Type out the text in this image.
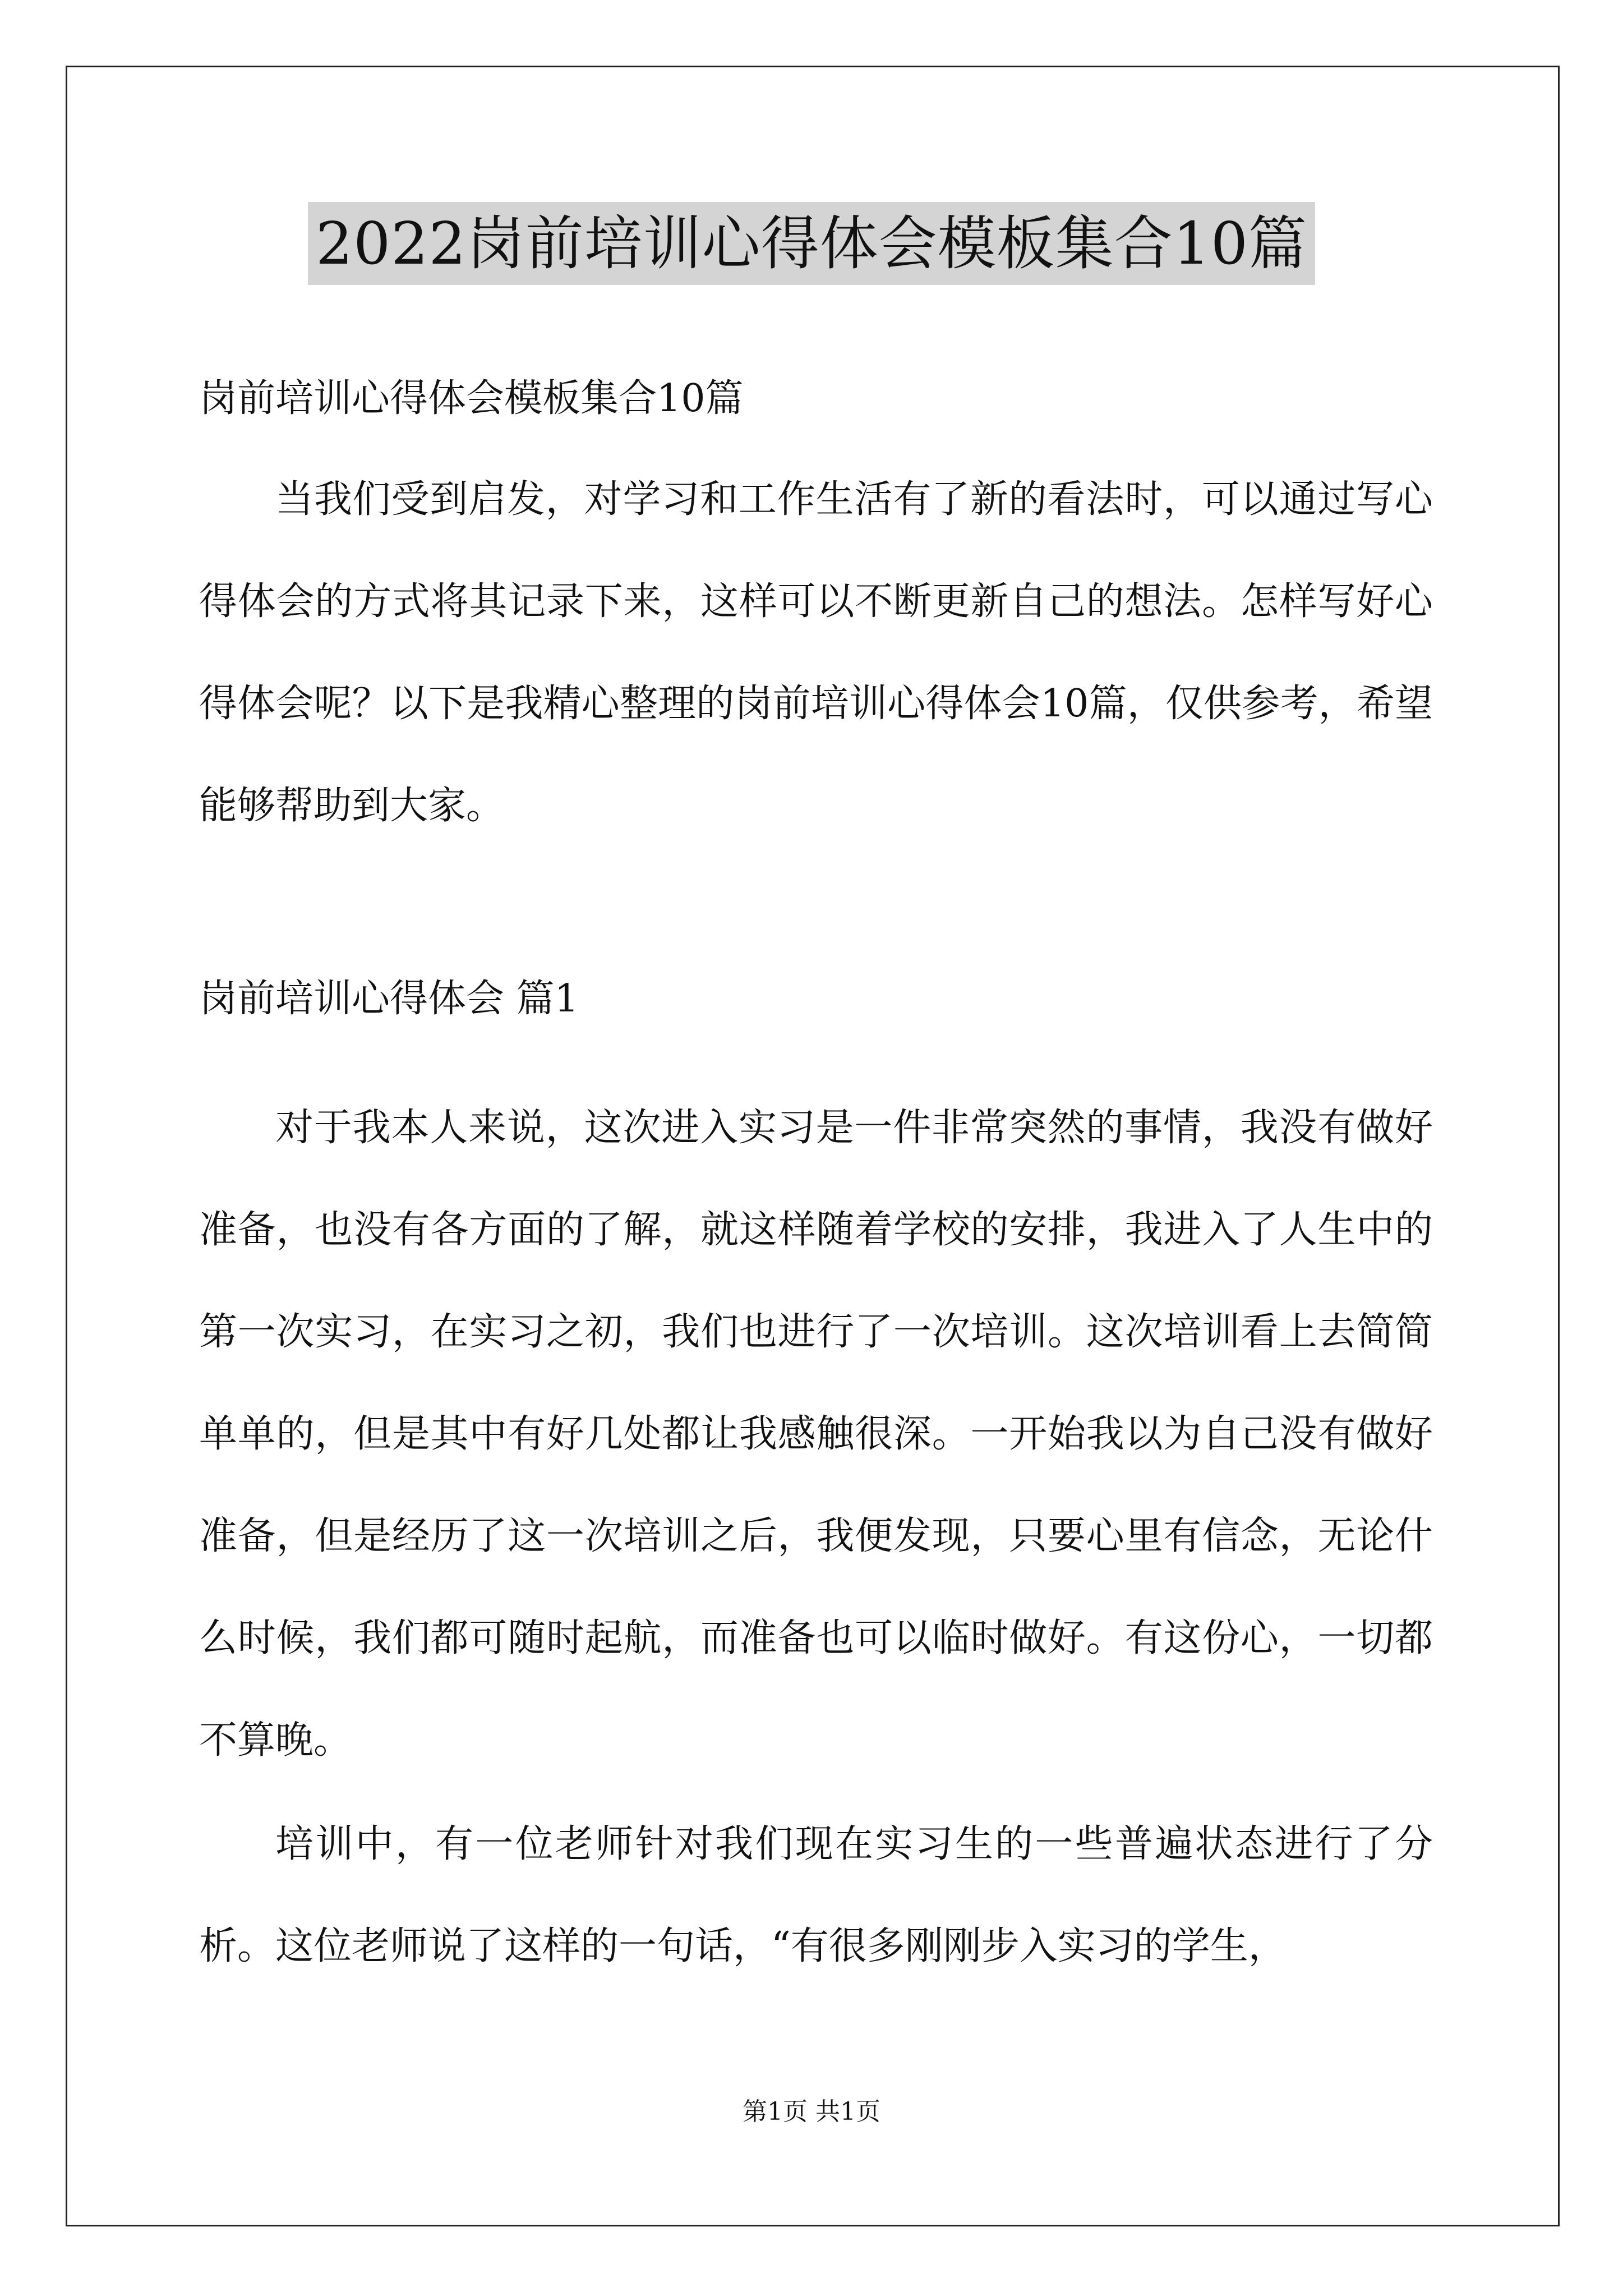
2022岗前培训心得体会模板集合10篇

岗前培训心得体会模板集合10篇

当我们受到启发，对学习和工作生活有了新的看法时，可以通过写心得体会的方式将其记录下来，这样可以不断更新自己的想法。怎样写好心得体会呢？以下是我精心整理的岗前培训心得体会10篇，仅供参考，希望能够帮助到大家。

岗前培训心得体会 篇1

对于我本人来说，这次进入实习是一件非常突然的事情，我没有做好准备，也没有各方面的了解，就这样随着学校的安排，我进入了人生中的第一次实习，在实习之初，我们也进行了一次培训。这次培训看上去简简单单的，但是其中有好几处都让我感触很深。一开始我以为自己没有做好准备，但是经历了这一次培训之后，我便发现，只要心里有信念，无论什么时候，我们都可随时起航，而准备也可以临时做好。有这份心，一切都不算晚。

培训中，有一位老师针对我们现在实习生的一些普遍状态进行了分析。这位老师说了这样的一句话，“有很多刚刚步入实习的学生，

第1页 共1页
